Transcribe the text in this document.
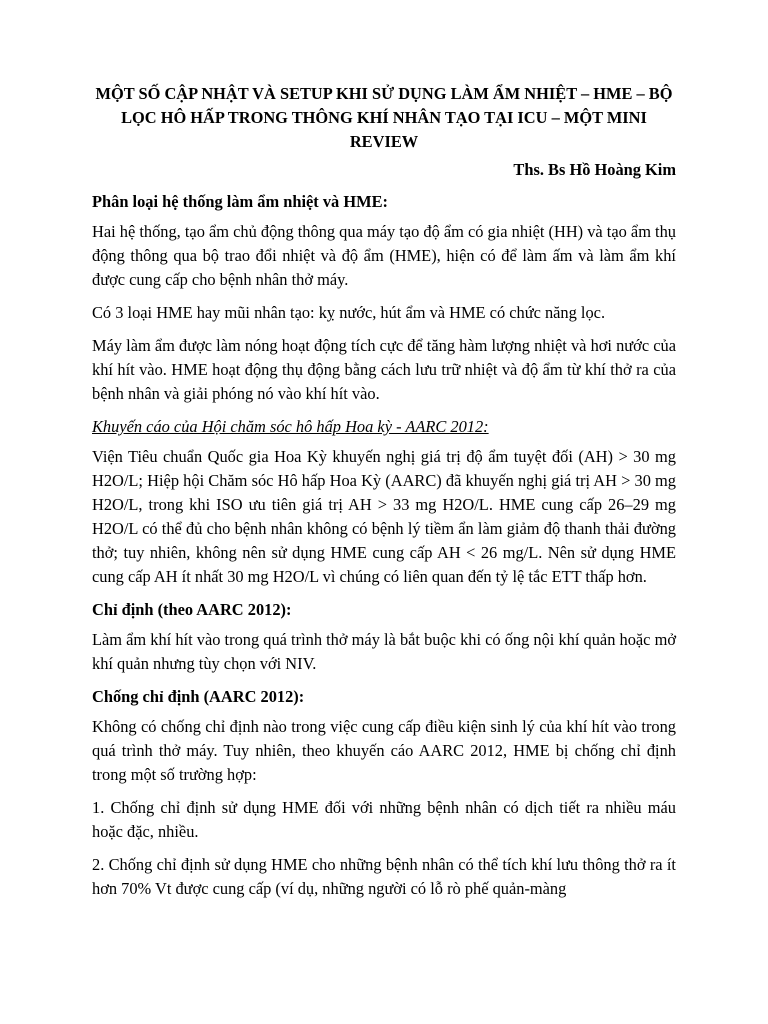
MỘT SỐ CẬP NHẬT VÀ SETUP KHI SỬ DỤNG LÀM ẨM NHIỆT – HME – BỘ LỌC HÔ HẤP TRONG THÔNG KHÍ NHÂN TẠO TẠI ICU – MỘT MINI REVIEW

Ths. Bs Hồ Hoàng Kim

Phân loại hệ thống làm ẩm nhiệt và HME:

Hai hệ thống, tạo ẩm chủ động thông qua máy tạo độ ẩm có gia nhiệt (HH) và tạo ẩm thụ động thông qua bộ trao đổi nhiệt và độ ẩm (HME), hiện có để làm ấm và làm ẩm khí được cung cấp cho bệnh nhân thở máy.

Có 3 loại HME hay mũi nhân tạo: kỵ nước, hút ẩm và HME có chức năng lọc.

Máy làm ẩm được làm nóng hoạt động tích cực để tăng hàm lượng nhiệt và hơi nước của khí hít vào. HME hoạt động thụ động bằng cách lưu trữ nhiệt và độ ẩm từ khí thở ra của bệnh nhân và giải phóng nó vào khí hít vào.

Khuyến cáo của Hội chăm sóc hô hấp Hoa kỳ - AARC 2012:

Viện Tiêu chuẩn Quốc gia Hoa Kỳ khuyến nghị giá trị độ ẩm tuyệt đối (AH) > 30 mg H2O/L; Hiệp hội Chăm sóc Hô hấp Hoa Kỳ (AARC) đã khuyến nghị giá trị AH > 30 mg H2O/L, trong khi ISO ưu tiên giá trị AH > 33 mg H2O/L. HME cung cấp 26–29 mg H2O/L có thể đủ cho bệnh nhân không có bệnh lý tiềm ẩn làm giảm độ thanh thải đường thở; tuy nhiên, không nên sử dụng HME cung cấp AH < 26 mg/L. Nên sử dụng HME cung cấp AH ít nhất 30 mg H2O/L vì chúng có liên quan đến tỷ lệ tắc ETT thấp hơn.

Chỉ định (theo AARC 2012):

Làm ẩm khí hít vào trong quá trình thở máy là bắt buộc khi có ống nội khí quản hoặc mở khí quản nhưng tùy chọn với NIV.

Chống chỉ định (AARC 2012):

Không có chống chỉ định nào trong việc cung cấp điều kiện sinh lý của khí hít vào trong quá trình thở máy. Tuy nhiên, theo khuyến cáo AARC 2012, HME bị chống chỉ định trong một số trường hợp:

1. Chống chỉ định sử dụng HME đối với những bệnh nhân có dịch tiết ra nhiều máu hoặc đặc, nhiều.

2. Chống chỉ định sử dụng HME cho những bệnh nhân có thể tích khí lưu thông thở ra ít hơn 70% Vt được cung cấp (ví dụ, những người có lỗ rò phế quản-màng
